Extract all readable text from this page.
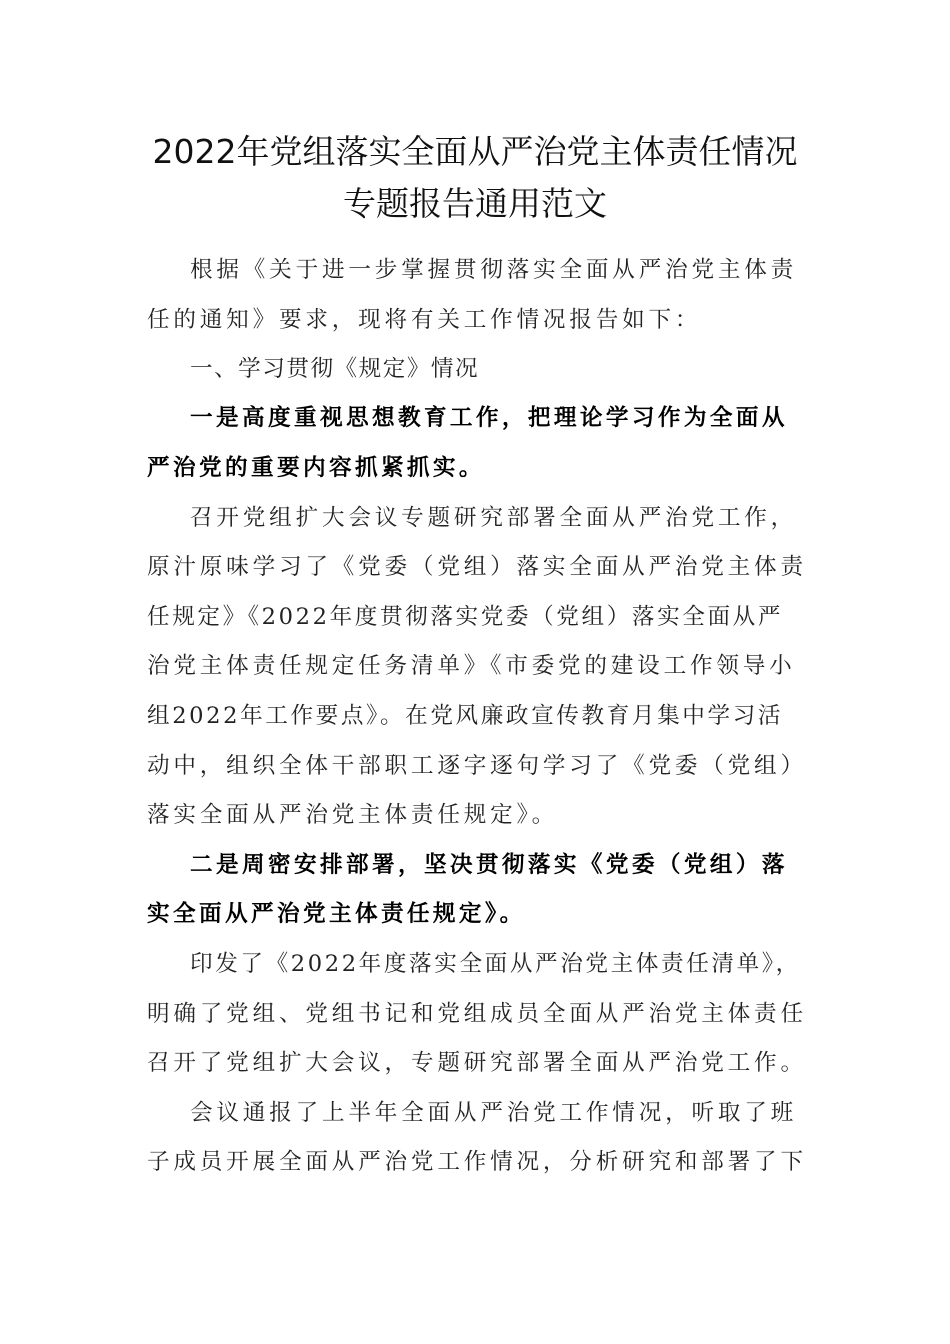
2022年党组落实全面从严治党主体责任情况
专题报告通用范文
根据《关于进一步掌握贯彻落实全面从严治党主体责
任的通知》要求，现将有关工作情况报告如下：
一、学习贯彻《规定》情况
一是高度重视思想教育工作，把理论学习作为全面从
严治党的重要内容抓紧抓实。
召开党组扩大会议专题研究部署全面从严治党工作，
原汁原味学习了《党委（党组）落实全面从严治党主体责
任规定》《2022年度贯彻落实党委（党组）落实全面从严
治党主体责任规定任务清单》《市委党的建设工作领导小
组2022年工作要点》。在党风廉政宣传教育月集中学习活
动中，组织全体干部职工逐字逐句学习了《党委（党组）
落实全面从严治党主体责任规定》。
二是周密安排部署，坚决贯彻落实《党委（党组）落
实全面从严治党主体责任规定》。
印发了《2022年度落实全面从严治党主体责任清单》，
明确了党组、党组书记和党组成员全面从严治党主体责任
召开了党组扩大会议，专题研究部署全面从严治党工作。
会议通报了上半年全面从严治党工作情况，听取了班
子成员开展全面从严治党工作情况，分析研究和部署了下
